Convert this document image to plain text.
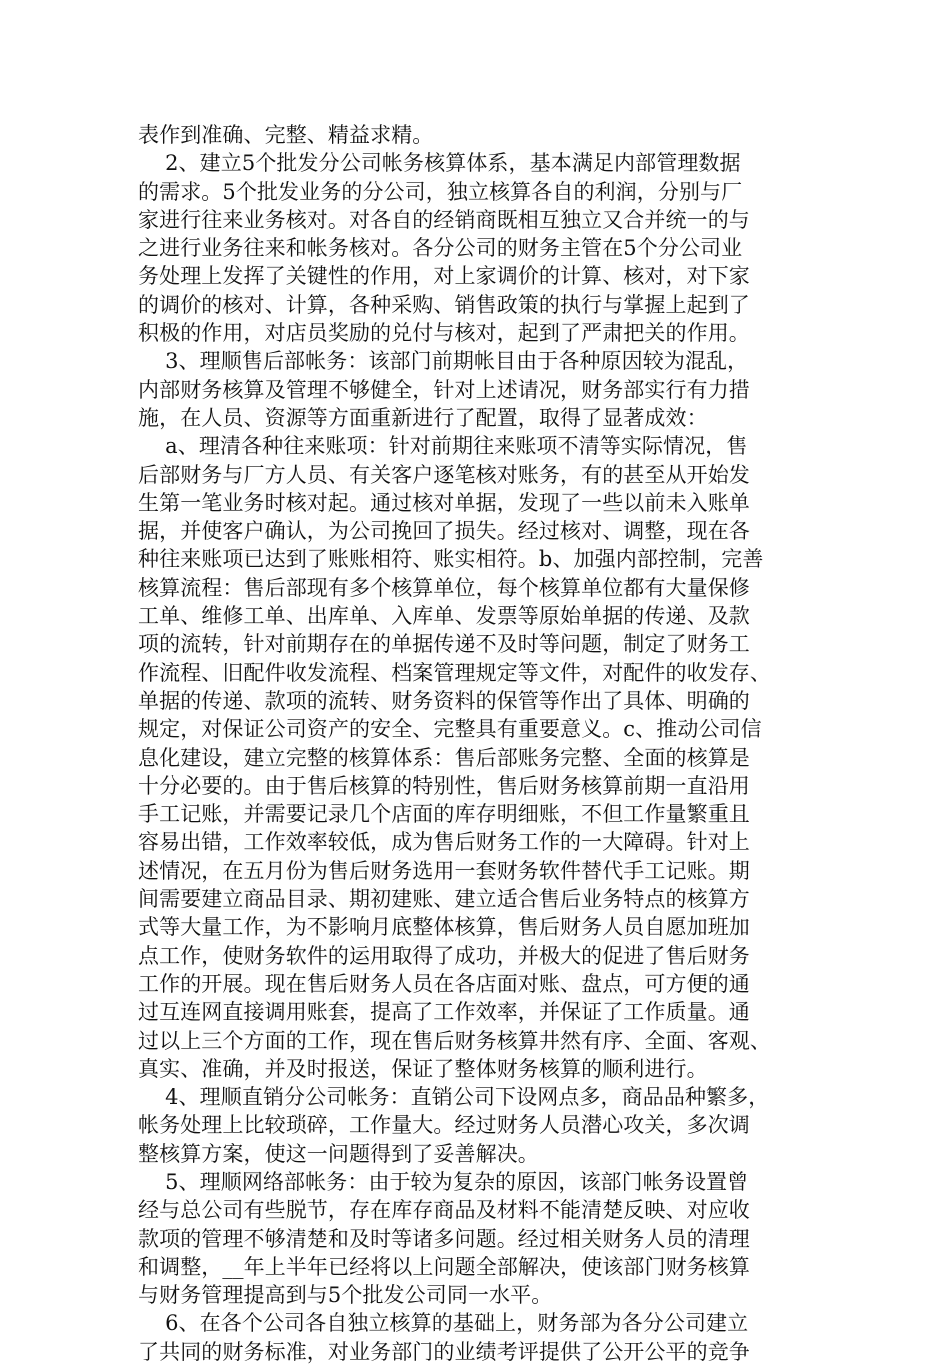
表作到准确、完整、精益求精。
2、建立5个批发分公司帐务核算体系，基本满足内部管理数据
的需求。5个批发业务的分公司，独立核算各自的利润，分别与厂
家进行往来业务核对。对各自的经销商既相互独立又合并统一的与
之进行业务往来和帐务核对。各分公司的财务主管在5个分公司业
务处理上发挥了关键性的作用，对上家调价的计算、核对，对下家
的调价的核对、计算，各种采购、销售政策的执行与掌握上起到了
积极的作用，对店员奖励的兑付与核对，起到了严肃把关的作用。
3、理顺售后部帐务：该部门前期帐目由于各种原因较为混乱，
内部财务核算及管理不够健全，针对上述请况，财务部实行有力措
施，在人员、资源等方面重新进行了配置，取得了显著成效：
a、理清各种往来账项：针对前期往来账项不清等实际情况，售
后部财务与厂方人员、有关客户逐笔核对账务，有的甚至从开始发
生第一笔业务时核对起。通过核对单据，发现了一些以前未入账单
据，并使客户确认，为公司挽回了损失。经过核对、调整，现在各
种往来账项已达到了账账相符、账实相符。b、加强内部控制，完善
核算流程：售后部现有多个核算单位，每个核算单位都有大量保修
工单、维修工单、出库单、入库单、发票等原始单据的传递、及款
项的流转，针对前期存在的单据传递不及时等问题，制定了财务工
作流程、旧配件收发流程、档案管理规定等文件，对配件的收发存、
单据的传递、款项的流转、财务资料的保管等作出了具体、明确的
规定，对保证公司资产的安全、完整具有重要意义。c、推动公司信
息化建设，建立完整的核算体系：售后部账务完整、全面的核算是
十分必要的。由于售后核算的特别性，售后财务核算前期一直沿用
手工记账，并需要记录几个店面的库存明细账，不但工作量繁重且
容易出错，工作效率较低，成为售后财务工作的一大障碍。针对上
述情况，在五月份为售后财务选用一套财务软件替代手工记账。期
间需要建立商品目录、期初建账、建立适合售后业务特点的核算方
式等大量工作，为不影响月底整体核算，售后财务人员自愿加班加
点工作，使财务软件的运用取得了成功，并极大的促进了售后财务
工作的开展。现在售后财务人员在各店面对账、盘点，可方便的通
过互连网直接调用账套，提高了工作效率，并保证了工作质量。通
过以上三个方面的工作，现在售后财务核算井然有序、全面、客观、
真实、准确，并及时报送，保证了整体财务核算的顺利进行。
4、理顺直销分公司帐务：直销公司下设网点多，商品品种繁多，
帐务处理上比较琐碎，工作量大。经过财务人员潜心攻关，多次调
整核算方案，使这一问题得到了妥善解决。
5、理顺网络部帐务：由于较为复杂的原因，该部门帐务设置曾
经与总公司有些脱节，存在库存商品及材料不能清楚反映、对应收
款项的管理不够清楚和及时等诸多问题。经过相关财务人员的清理
和调整，__年上半年已经将以上问题全部解决，使该部门财务核算
与财务管理提高到与5个批发公司同一水平。
6、在各个公司各自独立核算的基础上，财务部为各分公司建立
了共同的财务标准，对业务部门的业绩考评提供了公开公平的竞争
